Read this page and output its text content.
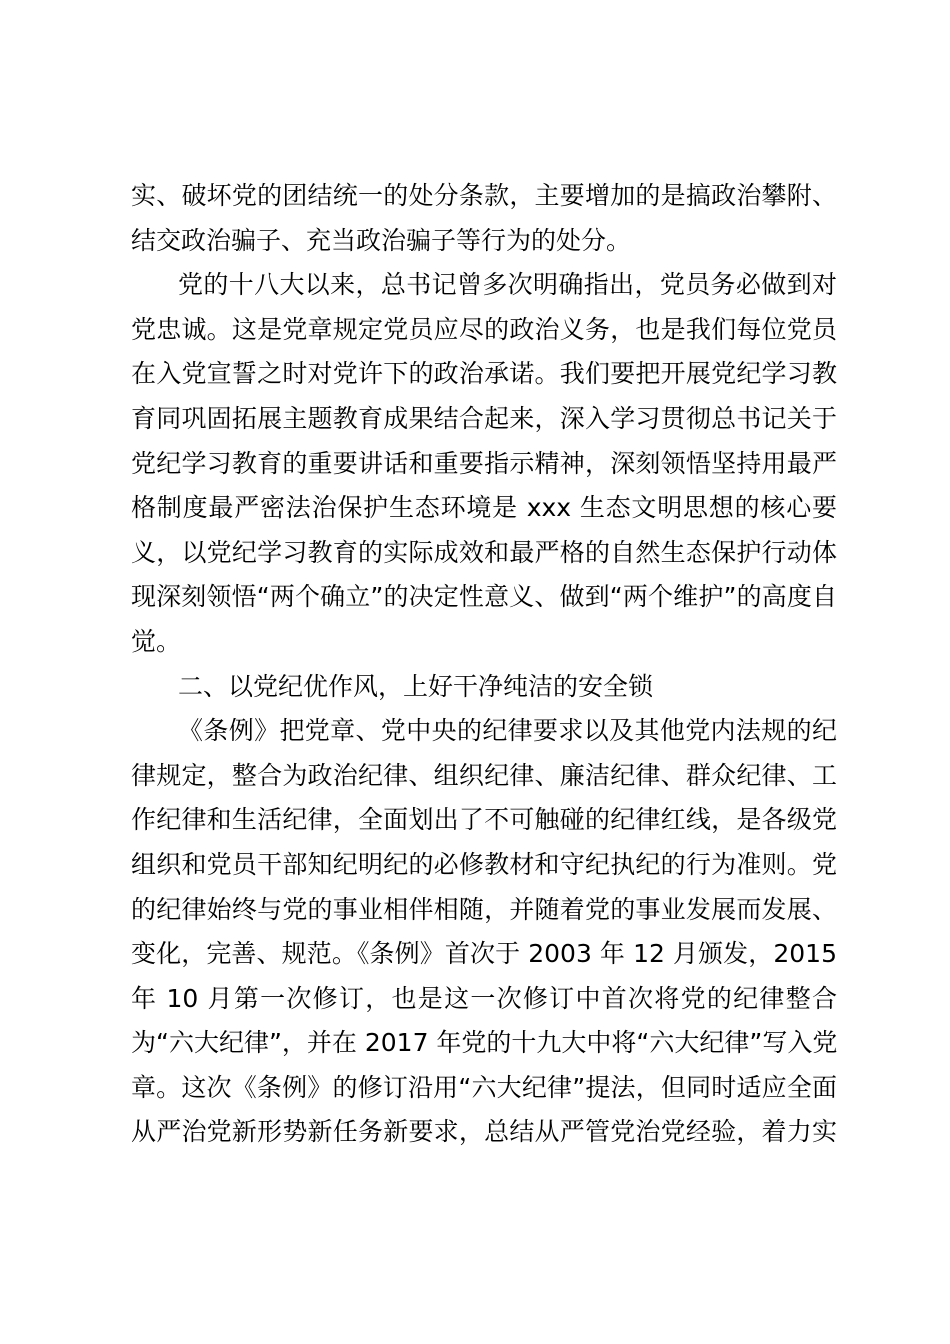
实、破坏党的团结统一的处分条款，主要增加的是搞政治攀附、
结交政治骗子、充当政治骗子等行为的处分。
党的十八大以来，总书记曾多次明确指出，党员务必做到对
党忠诚。这是党章规定党员应尽的政治义务，也是我们每位党员
在入党宣誓之时对党许下的政治承诺。我们要把开展党纪学习教
育同巩固拓展主题教育成果结合起来，深入学习贯彻总书记关于
党纪学习教育的重要讲话和重要指示精神，深刻领悟坚持用最严
格制度最严密法治保护生态环境是 xxx 生态文明思想的核心要
义，以党纪学习教育的实际成效和最严格的自然生态保护行动体
现深刻领悟“两个确立”的决定性意义、做到“两个维护”的高度自
觉。
二、以党纪优作风，上好干净纯洁的安全锁
《条例》把党章、党中央的纪律要求以及其他党内法规的纪
律规定，整合为政治纪律、组织纪律、廉洁纪律、群众纪律、工
作纪律和生活纪律，全面划出了不可触碰的纪律红线，是各级党
组织和党员干部知纪明纪的必修教材和守纪执纪的行为准则。党
的纪律始终与党的事业相伴相随，并随着党的事业发展而发展、
变化，完善、规范。《条例》首次于 2003 年 12 月颁发，2015
年 10 月第一次修订，也是这一次修订中首次将党的纪律整合
为“六大纪律”，并在 2017 年党的十九大中将“六大纪律”写入党
章。这次《条例》的修订沿用“六大纪律”提法，但同时适应全面
从严治党新形势新任务新要求，总结从严管党治党经验，着力实
